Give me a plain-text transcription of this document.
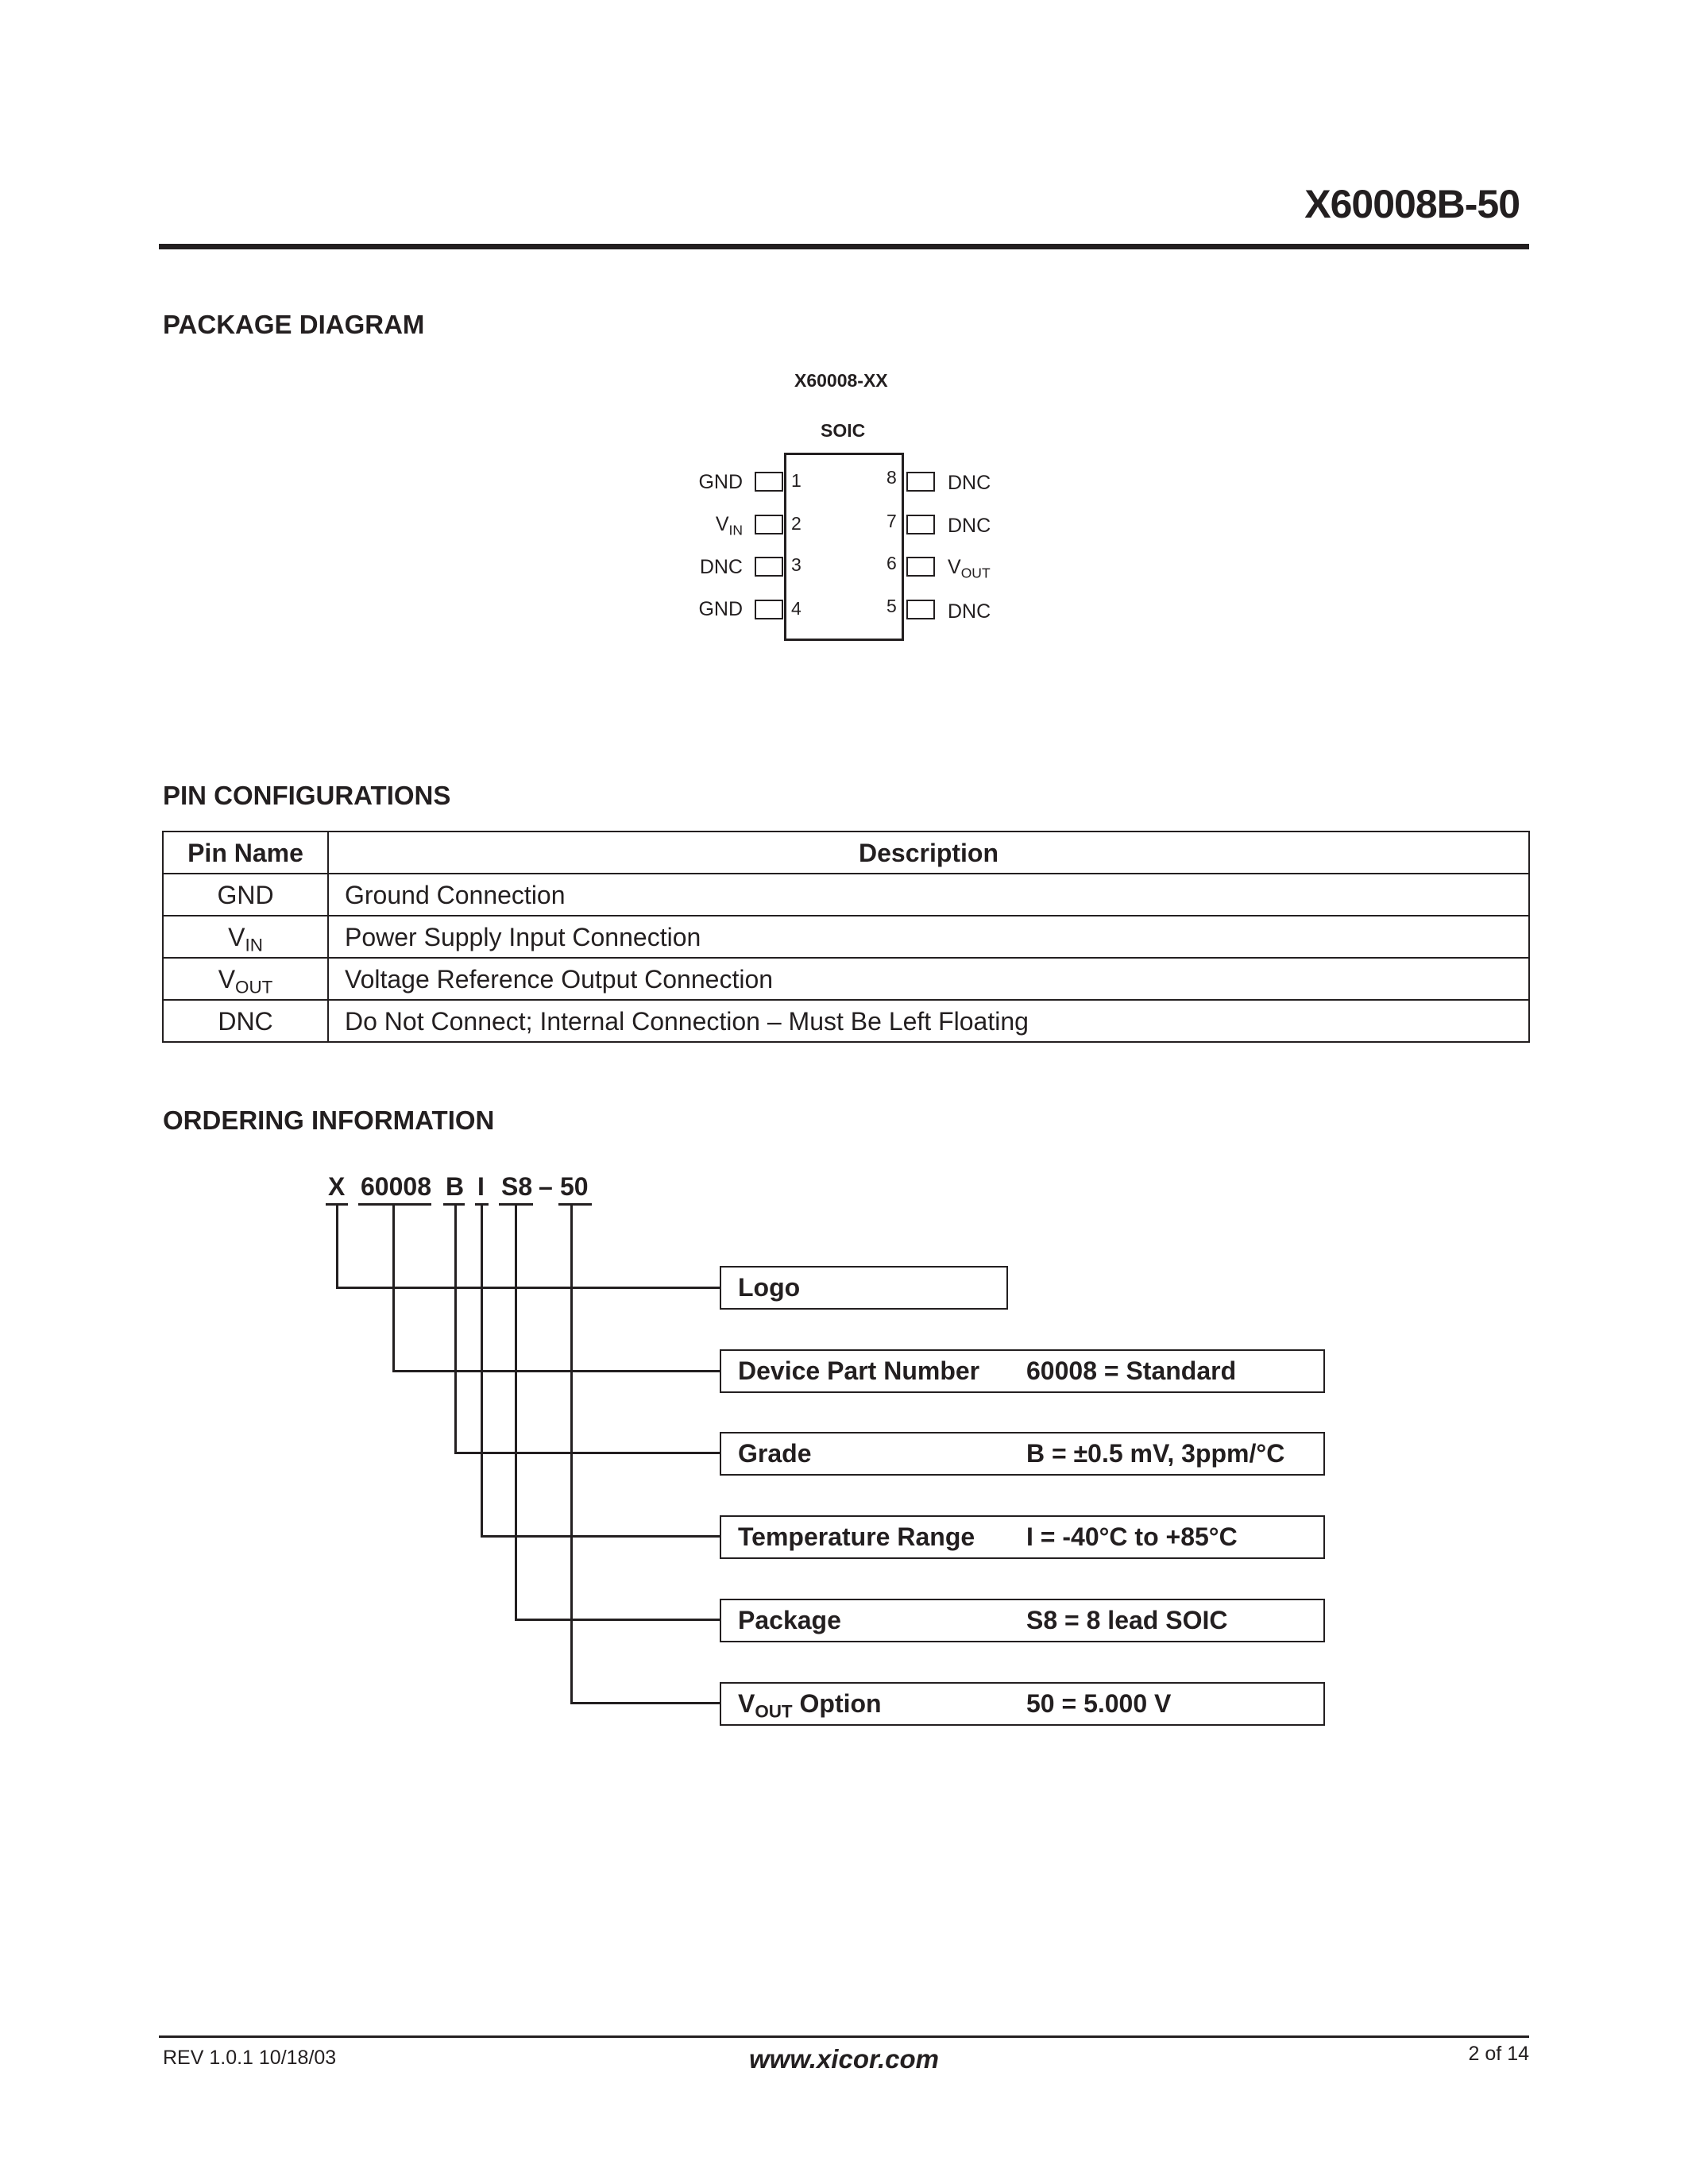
X60008B-50
PACKAGE DIAGRAM
X60008-XX
SOIC
GND	1
$V_{IN}$	2
DNC	3
GND	4
8	DNC
7	DNC
6	$V_{OUT}$
5	DNC
PIN CONFIGURATIONS
Pin Name	Description
GND	Ground Connection
$V_{IN}$	Power Supply Input Connection
$V_{OUT}$	Voltage Reference Output Connection
DNC	Do Not Connect; Internal Connection – Must Be Left Floating
ORDERING INFORMATION
X 60008 B I S8 – 50
Logo
Device Part Number 60008 = Standard
Grade	B = ±0.5 mV, 3ppm/°C
Temperature Range I = -40°C to +85°C
Package	S8 = 8 lead SOIC
$V_{OUT}$ Option	50 = 5.000 V
REV 1.0.1 10/18/03	www.xicor.com	2 of 14
